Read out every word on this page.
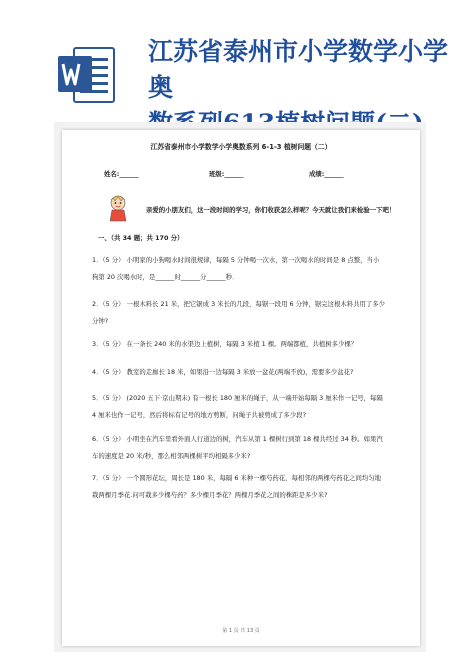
江苏省泰州市小学数学小学奥
江苏省泰州市小学数学小学奥数系列 6-1-3 植树问题（二）
姓名:______	班级:______	成绩:______
亲爱的小朋友们，这一段时间的学习，你们收获怎么样呢？今天就让我们来检验一下吧！
一、（共 34 题；共 170 分）
1．（5 分） 小明家的小狗喝水时间很规律，每隔 5 分钟喝一次水，第一次喝水的时间是 8 点整，当小
狗第 20 次喝水时，是______时______分______秒．
2．（5 分） 一根木料长 21 米，把它锯成 3 米长的几段，每锯一段用 6 分钟，锯完这根木料共用了多少
分钟?
3．（5 分） 在一条长 240 米的水渠边上植树，每隔 3 米植 1 棵。两端都植，共植树多少棵？
4．（5 分） 教室的走廊长 18 米，如果沿一边每隔 3 米放一盆花(两端不放)，需要多少盆花?
5．（5 分） (2020 五下·京山期末) 有一根长 180 厘米的绳子，从一端开始每隔 3 厘米作一记号，每隔
4 厘米也作一记号，然后将标有记号的地方剪断，问绳子共被剪成了多少段?
6．（5 分） 小明坐在汽车里看外面人行道边的树，汽车从第 1 棵树行到第 18 棵共经过 34 秒。如果汽
车的速度是 20 米/秒，那么相邻两棵树平均相隔多少米?
7．（5 分） 一个圆形花坛，周长是 180 米，每隔 6 米种一棵芍药花，每相邻的两棵芍药花之间均匀地
栽两棵月季花.问可栽多少棵芍药？多少棵月季花？两棵月季花之间的株距是多少米?
第 1 页 共 13 页
